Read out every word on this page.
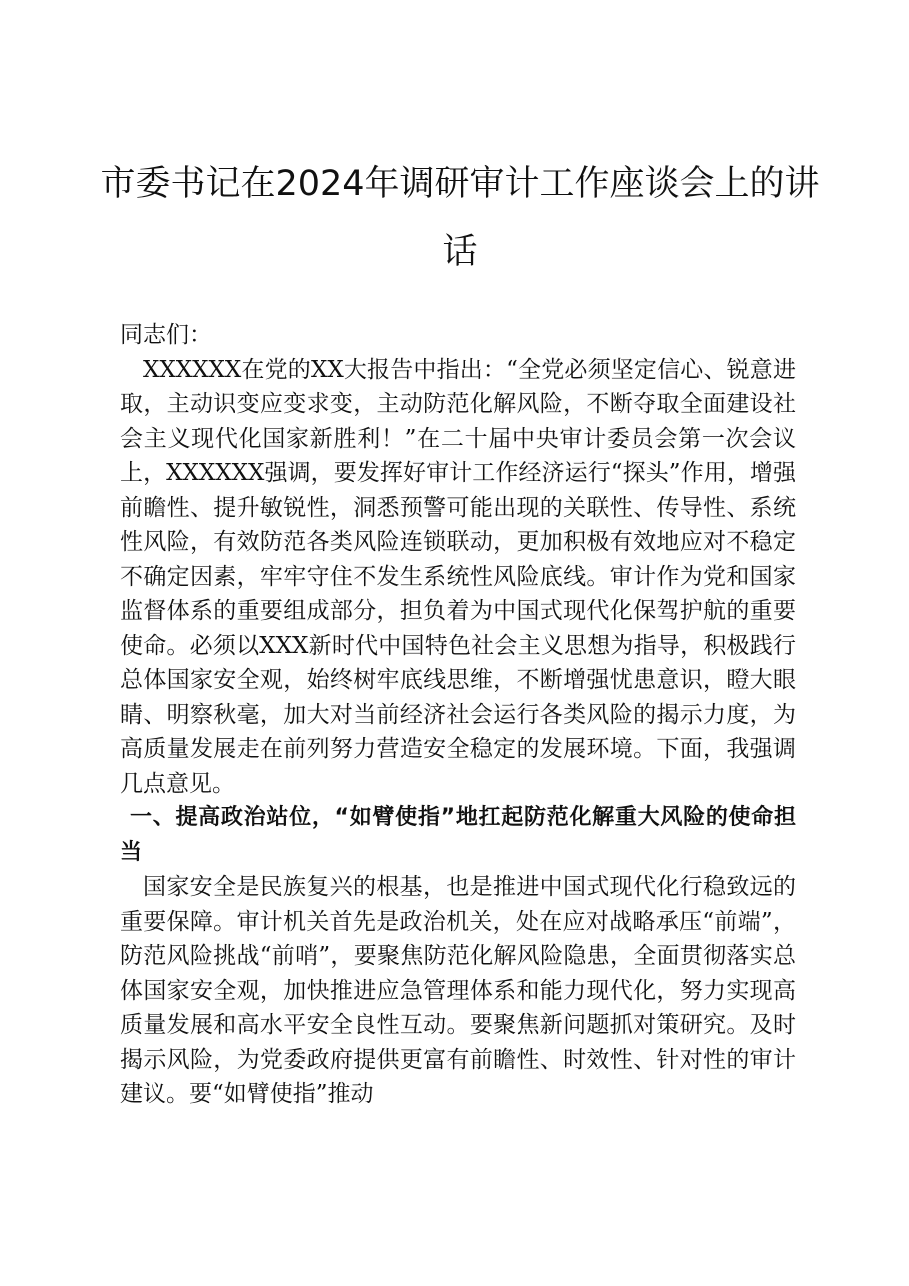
市委书记在2024年调研审计工作座谈会上的讲话

同志们：

XXXXXX在党的XX大报告中指出：“全党必须坚定信心、锐意进取，主动识变应变求变，主动防范化解风险，不断夺取全面建设社会主义现代化国家新胜利！”在二十届中央审计委员会第一次会议上，XXXXXX强调，要发挥好审计工作经济运行“探头”作用，增强前瞻性、提升敏锐性，洞悉预警可能出现的关联性、传导性、系统性风险，有效防范各类风险连锁联动，更加积极有效地应对不稳定不确定因素，牢牢守住不发生系统性风险底线。审计作为党和国家监督体系的重要组成部分，担负着为中国式现代化保驾护航的重要使命。必须以XXX新时代中国特色社会主义思想为指导，积极践行总体国家安全观，始终树牢底线思维，不断增强忧患意识，瞪大眼睛、明察秋毫，加大对当前经济社会运行各类风险的揭示力度，为高质量发展走在前列努力营造安全稳定的发展环境。下面，我强调几点意见。

一、提高政治站位，“如臂使指”地扛起防范化解重大风险的使命担当

国家安全是民族复兴的根基，也是推进中国式现代化行稳致远的重要保障。审计机关首先是政治机关，处在应对战略承压“前端”，防范风险挑战“前哨”，要聚焦防范化解风险隐患，全面贯彻落实总体国家安全观，加快推进应急管理体系和能力现代化，努力实现高质量发展和高水平安全良性互动。要聚焦新问题抓对策研究。及时揭示风险，为党委政府提供更富有前瞻性、时效性、针对性的审计建议。要“如臂使指”推动
